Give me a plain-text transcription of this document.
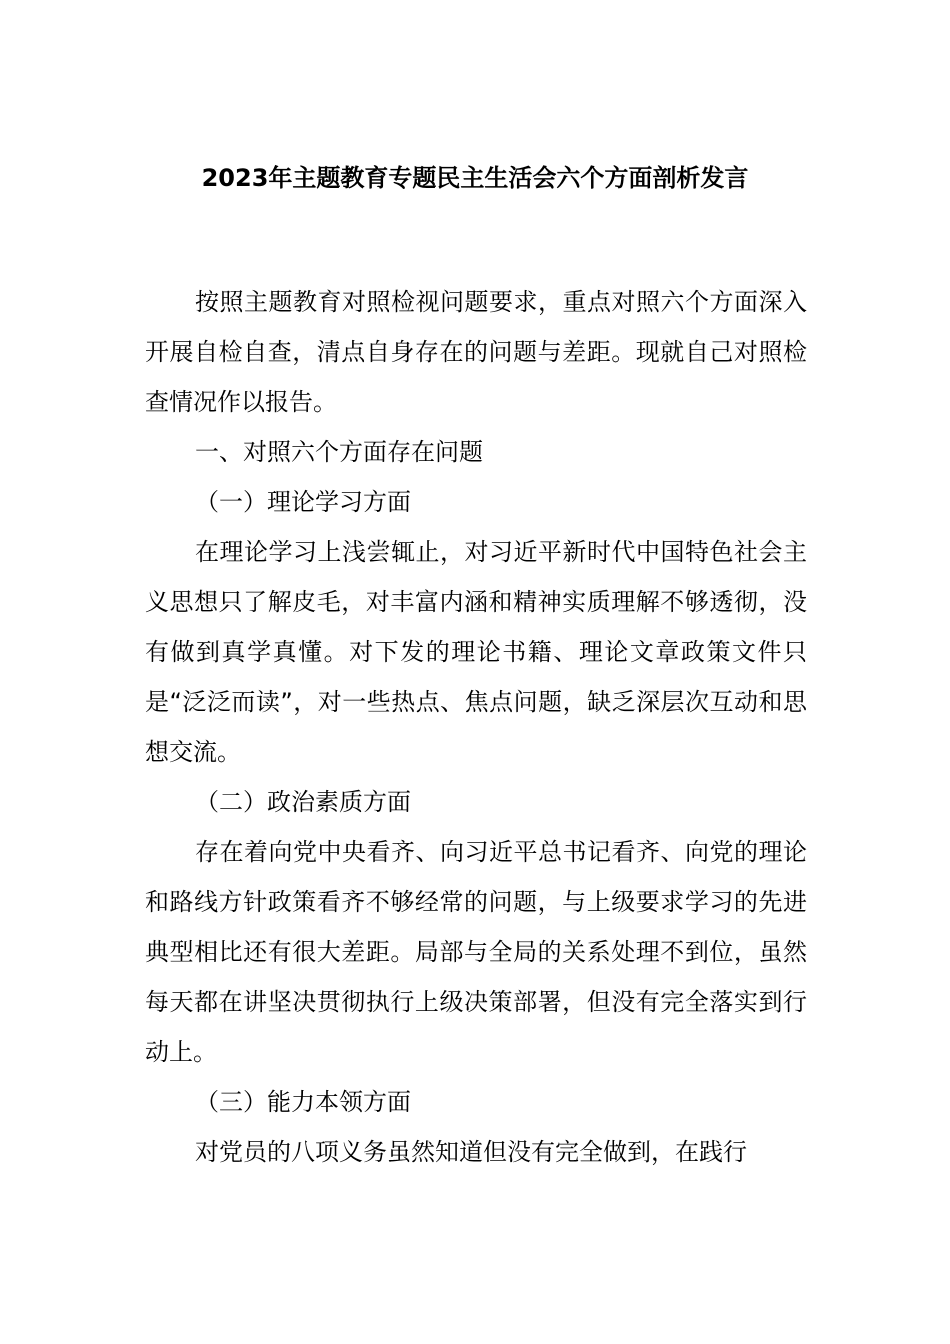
2023年主题教育专题民主生活会六个方面剖析发言

按照主题教育对照检视问题要求，重点对照六个方面深入开展自检自查，清点自身存在的问题与差距。现就自己对照检查情况作以报告。

一、对照六个方面存在问题

（一）理论学习方面

在理论学习上浅尝辄止，对习近平新时代中国特色社会主义思想只了解皮毛，对丰富内涵和精神实质理解不够透彻，没有做到真学真懂。对下发的理论书籍、理论文章政策文件只是“泛泛而读”，对一些热点、焦点问题，缺乏深层次互动和思想交流。

（二）政治素质方面

存在着向党中央看齐、向习近平总书记看齐、向党的理论和路线方针政策看齐不够经常的问题，与上级要求学习的先进典型相比还有很大差距。局部与全局的关系处理不到位，虽然每天都在讲坚决贯彻执行上级决策部署，但没有完全落实到行动上。

（三）能力本领方面

对党员的八项义务虽然知道但没有完全做到，在践行
